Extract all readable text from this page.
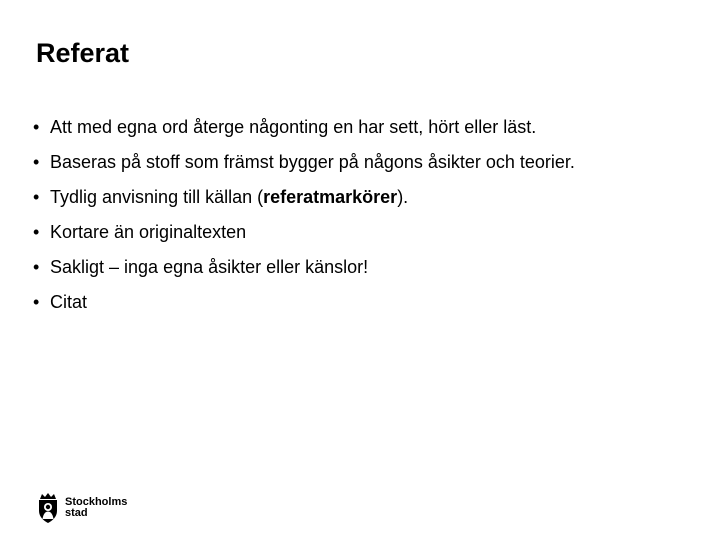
Referat
• Att med egna ord återge någonting en har sett, hört eller läst.
• Baseras på stoff som främst bygger på någons åsikter och teorier.
• Tydlig anvisning till källan (referatmarkörer).
• Kortare än originaltexten
• Sakligt – inga egna åsikter eller känslor!
• Citat
Stockholms
stad
